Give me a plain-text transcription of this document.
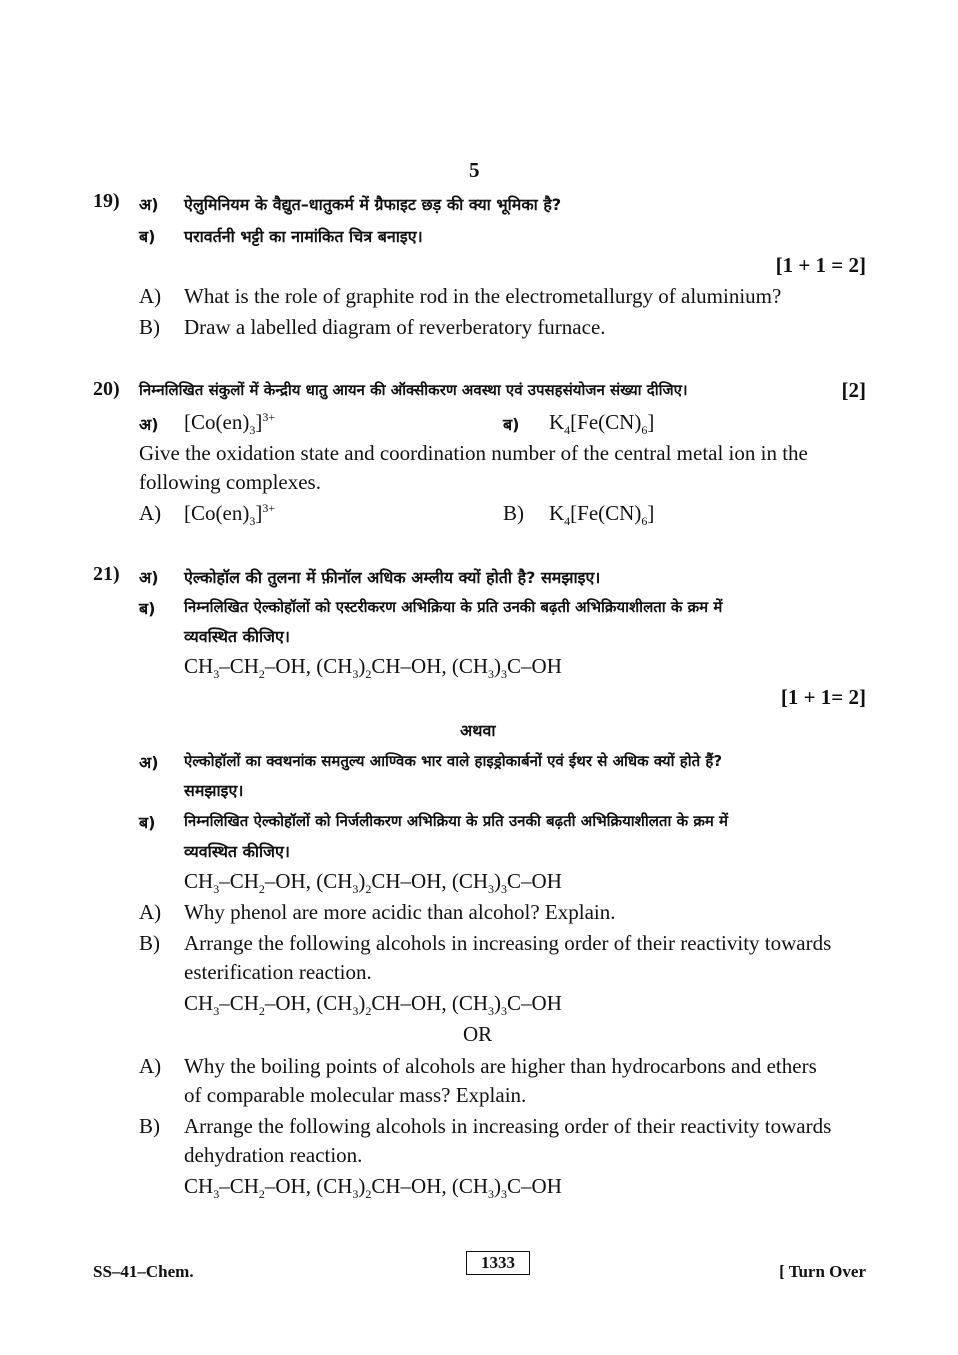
5
19) अ) ऐलुमिनियम के वैद्युत–धातुकर्म में ग्रैफाइट छड़ की क्या भूमिका है?
ब) परावर्तनी भट्टी का नामांकित चित्र बनाइए।
[1 + 1 = 2]
A) What is the role of graphite rod in the electrometallurgy of aluminium?
B) Draw a labelled diagram of reverberatory furnace.
20) निम्नलिखित संकुलों में केन्द्रीय धातु आयन की ऑक्सीकरण अवस्था एवं उपसहसंयोजन संख्या दीजिए।	[2]
अ) $[Co(en)_3]^{3+}$	ब) $K_4[Fe(CN)_6]$
Give the oxidation state and coordination number of the central metal ion in the
following complexes.
A) $[Co(en)_3]^{3+}$	B) $K_4[Fe(CN)_6]$
21) अ) ऐल्कोहॉल की तुलना में फ़ीनॉल अधिक अम्लीय क्यों होती है? समझाइए।
ब) निम्नलिखित ऐल्कोहॉलों को एस्टरीकरण अभिक्रिया के प्रति उनकी बढ़ती अभिक्रियाशीलता के क्रम में
व्यवस्थित कीजिए।
$CH_3-CH_2-OH$, $(CH_3)_2CH-OH$, $(CH_3)_3C-OH$
[1 + 1= 2]
अथवा
अ) ऐल्कोहॉलों का क्वथनांक समतुल्य आण्विक भार वाले हाइड्रोकार्बनों एवं ईथर से अधिक क्यों होते हैं?
समझाइए।
ब) निम्नलिखित ऐल्कोहॉलों को निर्जलीकरण अभिक्रिया के प्रति उनकी बढ़ती अभिक्रियाशीलता के क्रम में
व्यवस्थित कीजिए।
$CH_3-CH_2-OH$, $(CH_3)_2CH-OH$, $(CH_3)_3C-OH$
A) Why phenol are more acidic than alcohol? Explain.
B) Arrange the following alcohols in increasing order of their reactivity towards
esterification reaction.
$CH_3-CH_2-OH$, $(CH_3)_2CH-OH$, $(CH_3)_3C-OH$
OR
A) Why the boiling points of alcohols are higher than hydrocarbons and ethers
of comparable molecular mass? Explain.
B) Arrange the following alcohols in increasing order of their reactivity towards
dehydration reaction.
$CH_3-CH_2-OH$, $(CH_3)_2CH-OH$, $(CH_3)_3C-OH$
SS–41–Chem.	1333	[ Turn Over
